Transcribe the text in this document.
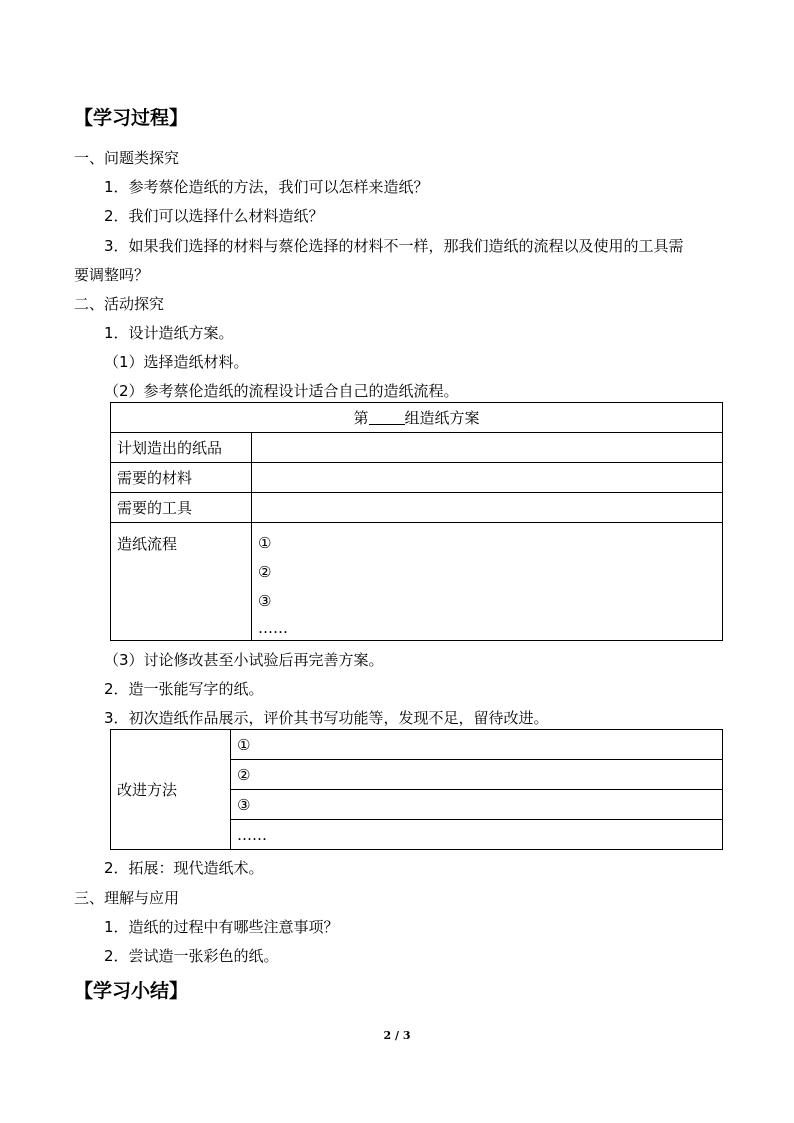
【学习过程】
一、问题类探究
1．参考蔡伦造纸的方法，我们可以怎样来造纸？
2．我们可以选择什么材料造纸？
3．如果我们选择的材料与蔡伦选择的材料不一样，那我们造纸的流程以及使用的工具需
要调整吗？
二、活动探究
1．设计造纸方案。
（1）选择造纸材料。
（2）参考蔡伦造纸的流程设计适合自己的造纸流程。
第 组造纸方案	
计划造出的纸品	
需要的材料	
需要的工具	
造纸流程	①
②
③
……
（3）讨论修改甚至小试验后再完善方案。
2．造一张能写字的纸。
3．初次造纸作品展示，评价其书写功能等，发现不足，留待改进。
改进方法	①
②
③
……
2．拓展：现代造纸术。
三、理解与应用
1．造纸的过程中有哪些注意事项？
2．尝试造一张彩色的纸。
【学习小结】
2 / 3
